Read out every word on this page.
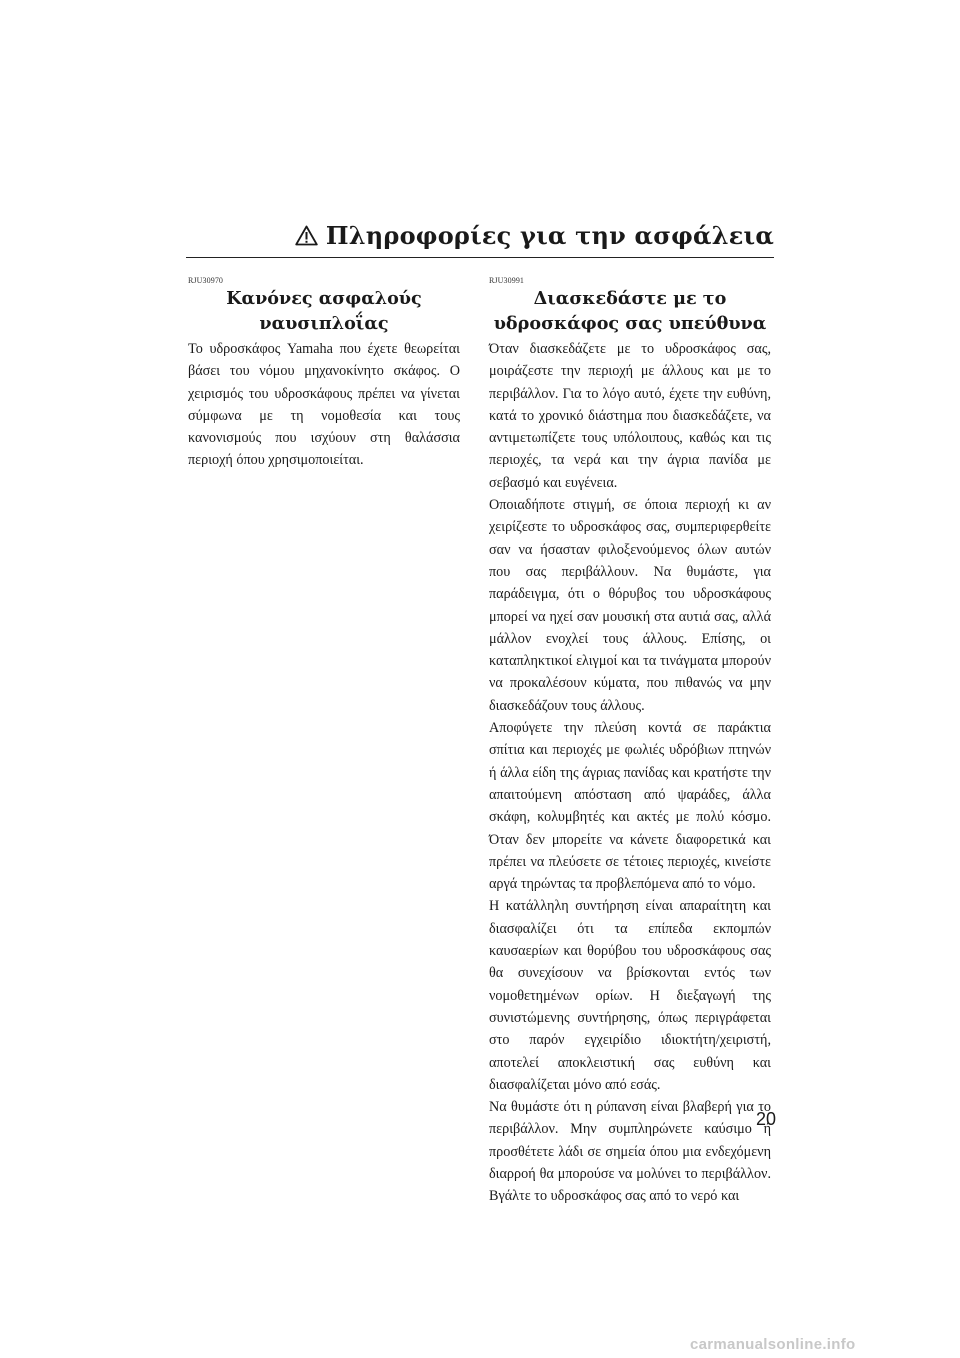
Πληροφορίες για την ασφάλεια
RJU30970
Κανόνες ασφαλούς ναυσιπλοΐας

Το υδροσκάφος Yamaha που έχετε θεωρείται βάσει του νόμου μηχανοκίνητο σκάφος. Ο χειρισμός του υδροσκάφους πρέπει να γίνεται σύμφωνα με τη νομοθεσία και τους κανονισμούς που ισχύουν στη θαλάσσια περιοχή όπου χρησιμοποιείται.

RJU30991
Διασκεδάστε με το υδροσκάφος σας υπεύθυνα

Όταν διασκεδάζετε με το υδροσκάφος σας, μοιράζεστε την περιοχή με άλλους και με το περιβάλλον. Για το λόγο αυτό, έχετε την ευθύνη, κατά το χρονικό διάστημα που διασκεδάζετε, να αντιμετωπίζετε τους υπόλοιπους, καθώς και τις περιοχές, τα νερά και την άγρια πανίδα με σεβασμό και ευγένεια.

Οποιαδήποτε στιγμή, σε όποια περιοχή κι αν χειρίζεστε το υδροσκάφος σας, συμπεριφερθείτε σαν να ήσασταν φιλοξενούμενος όλων αυτών που σας περιβάλλουν. Να θυμάστε, για παράδειγμα, ότι ο θόρυβος του υδροσκάφους μπορεί να ηχεί σαν μουσική στα αυτιά σας, αλλά μάλλον ενοχλεί τους άλλους. Επίσης, οι καταπληκτικοί ελιγμοί και τα τινάγματα μπορούν να προκαλέσουν κύματα, που πιθανώς να μην διασκεδάζουν τους άλλους.

Αποφύγετε την πλεύση κοντά σε παράκτια σπίτια και περιοχές με φωλιές υδρόβιων πτηνών ή άλλα είδη της άγριας πανίδας και κρατήστε την απαιτούμενη απόσταση από ψαράδες, άλλα σκάφη, κολυμβητές και ακτές με πολύ κόσμο. Όταν δεν μπορείτε να κάνετε διαφορετικά και πρέπει να πλεύσετε σε τέτοιες περιοχές, κινείστε αργά τηρώντας τα προβλεπόμενα από το νόμο.

Η κατάλληλη συντήρηση είναι απαραίτητη και διασφαλίζει ότι τα επίπεδα εκπομπών καυσαερίων και θορύβου του υδροσκάφους σας θα συνεχίσουν να βρίσκονται εντός των νομοθετημένων ορίων. Η διεξαγωγή της συνιστώμενης συντήρησης, όπως περιγράφεται στο παρόν εγχειρίδιο ιδιοκτήτη/χειριστή, αποτελεί αποκλειστική σας ευθύνη και διασφαλίζεται μόνο από εσάς.

Να θυμάστε ότι η ρύπανση είναι βλαβερή για το περιβάλλον. Μην συμπληρώνετε καύσιμο ή προσθέτετε λάδι σε σημεία όπου μια ενδεχόμενη διαρροή θα μπορούσε να μολύνει το περιβάλλον. Βγάλτε το υδροσκάφος σας από το νερό και

20
carmanualsonline.info
